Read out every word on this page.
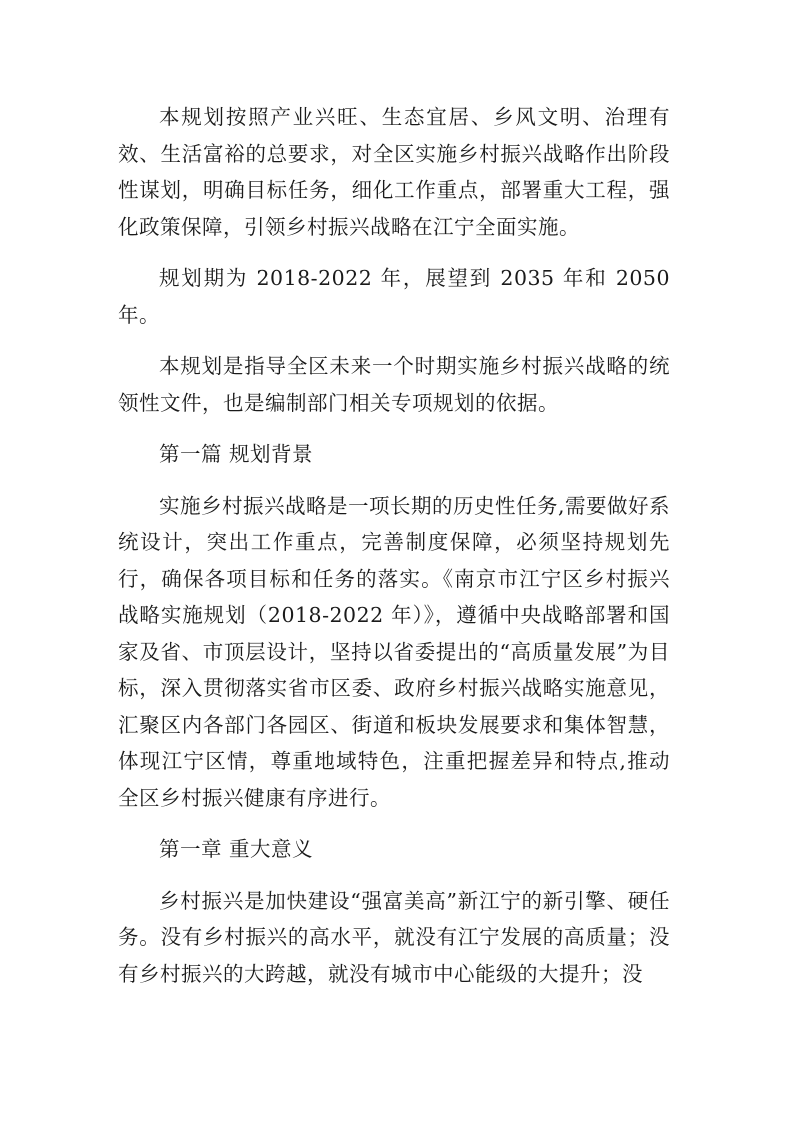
本规划按照产业兴旺、生态宜居、乡风文明、治理有效、生活富裕的总要求，对全区实施乡村振兴战略作出阶段性谋划，明确目标任务，细化工作重点，部署重大工程，强化政策保障，引领乡村振兴战略在江宁全面实施。

规划期为 2018-2022 年，展望到 2035 年和 2050 年。

本规划是指导全区未来一个时期实施乡村振兴战略的统领性文件，也是编制部门相关专项规划的依据。

第一篇 规划背景

实施乡村振兴战略是一项长期的历史性任务,需要做好系统设计，突出工作重点，完善制度保障，必须坚持规划先行，确保各项目标和任务的落实。《南京市江宁区乡村振兴战略实施规划（2018-2022 年）》，遵循中央战略部署和国家及省、市顶层设计，坚持以省委提出的“高质量发展”为目标，深入贯彻落实省市区委、政府乡村振兴战略实施意见，汇聚区内各部门各园区、街道和板块发展要求和集体智慧，体现江宁区情，尊重地域特色，注重把握差异和特点,推动全区乡村振兴健康有序进行。

第一章 重大意义

乡村振兴是加快建设“强富美高”新江宁的新引擎、硬任务。没有乡村振兴的高水平，就没有江宁发展的高质量；没有乡村振兴的大跨越，就没有城市中心能级的大提升；没
